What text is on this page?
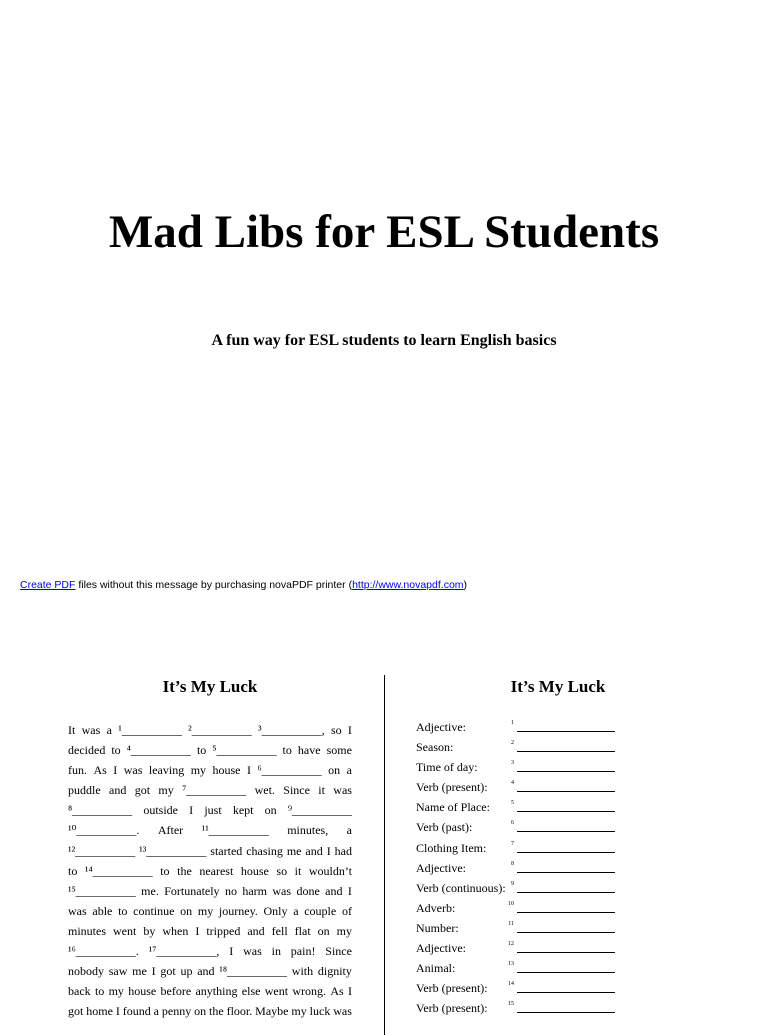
Mad Libs for ESL Students
A fun way for ESL students to learn English basics
Create PDF files without this message by purchasing novaPDF printer (http://www.novapdf.com)
It’s My Luck	It’s My Luck
It was a ¹__________ ²__________ ³__________, so I
decided to ⁴__________ to ⁵__________ to have some
fun. As I was leaving my house I ⁶__________ on a
puddle and got my ⁷__________ wet. Since it was
⁸__________ outside I just kept on ⁹__________
¹⁰__________. After ¹¹__________ minutes, a
¹²__________ ¹³__________ started chasing me and I had
to ¹⁴__________ to the nearest house so it wouldn’t
¹⁵__________ me. Fortunately no harm was done and I
was able to continue on my journey. Only a couple of
minutes went by when I tripped and fell flat on my
¹⁶__________. ¹⁷__________, I was in pain! Since
nobody saw me I got up and ¹⁸__________ with dignity
back to my house before anything else went wrong. As I
got home I found a penny on the floor. Maybe my luck was
Adjective:	1
Season:	2
Time of day:	3
Verb (present):	4
Name of Place:	5
Verb (past):	6
Clothing Item:	7
Adjective:	8
Verb (continuous): 9
Adverb:	10
Number:	11
Adjective:	12
Animal:	13
Verb (present):	14
Verb (present):	15
